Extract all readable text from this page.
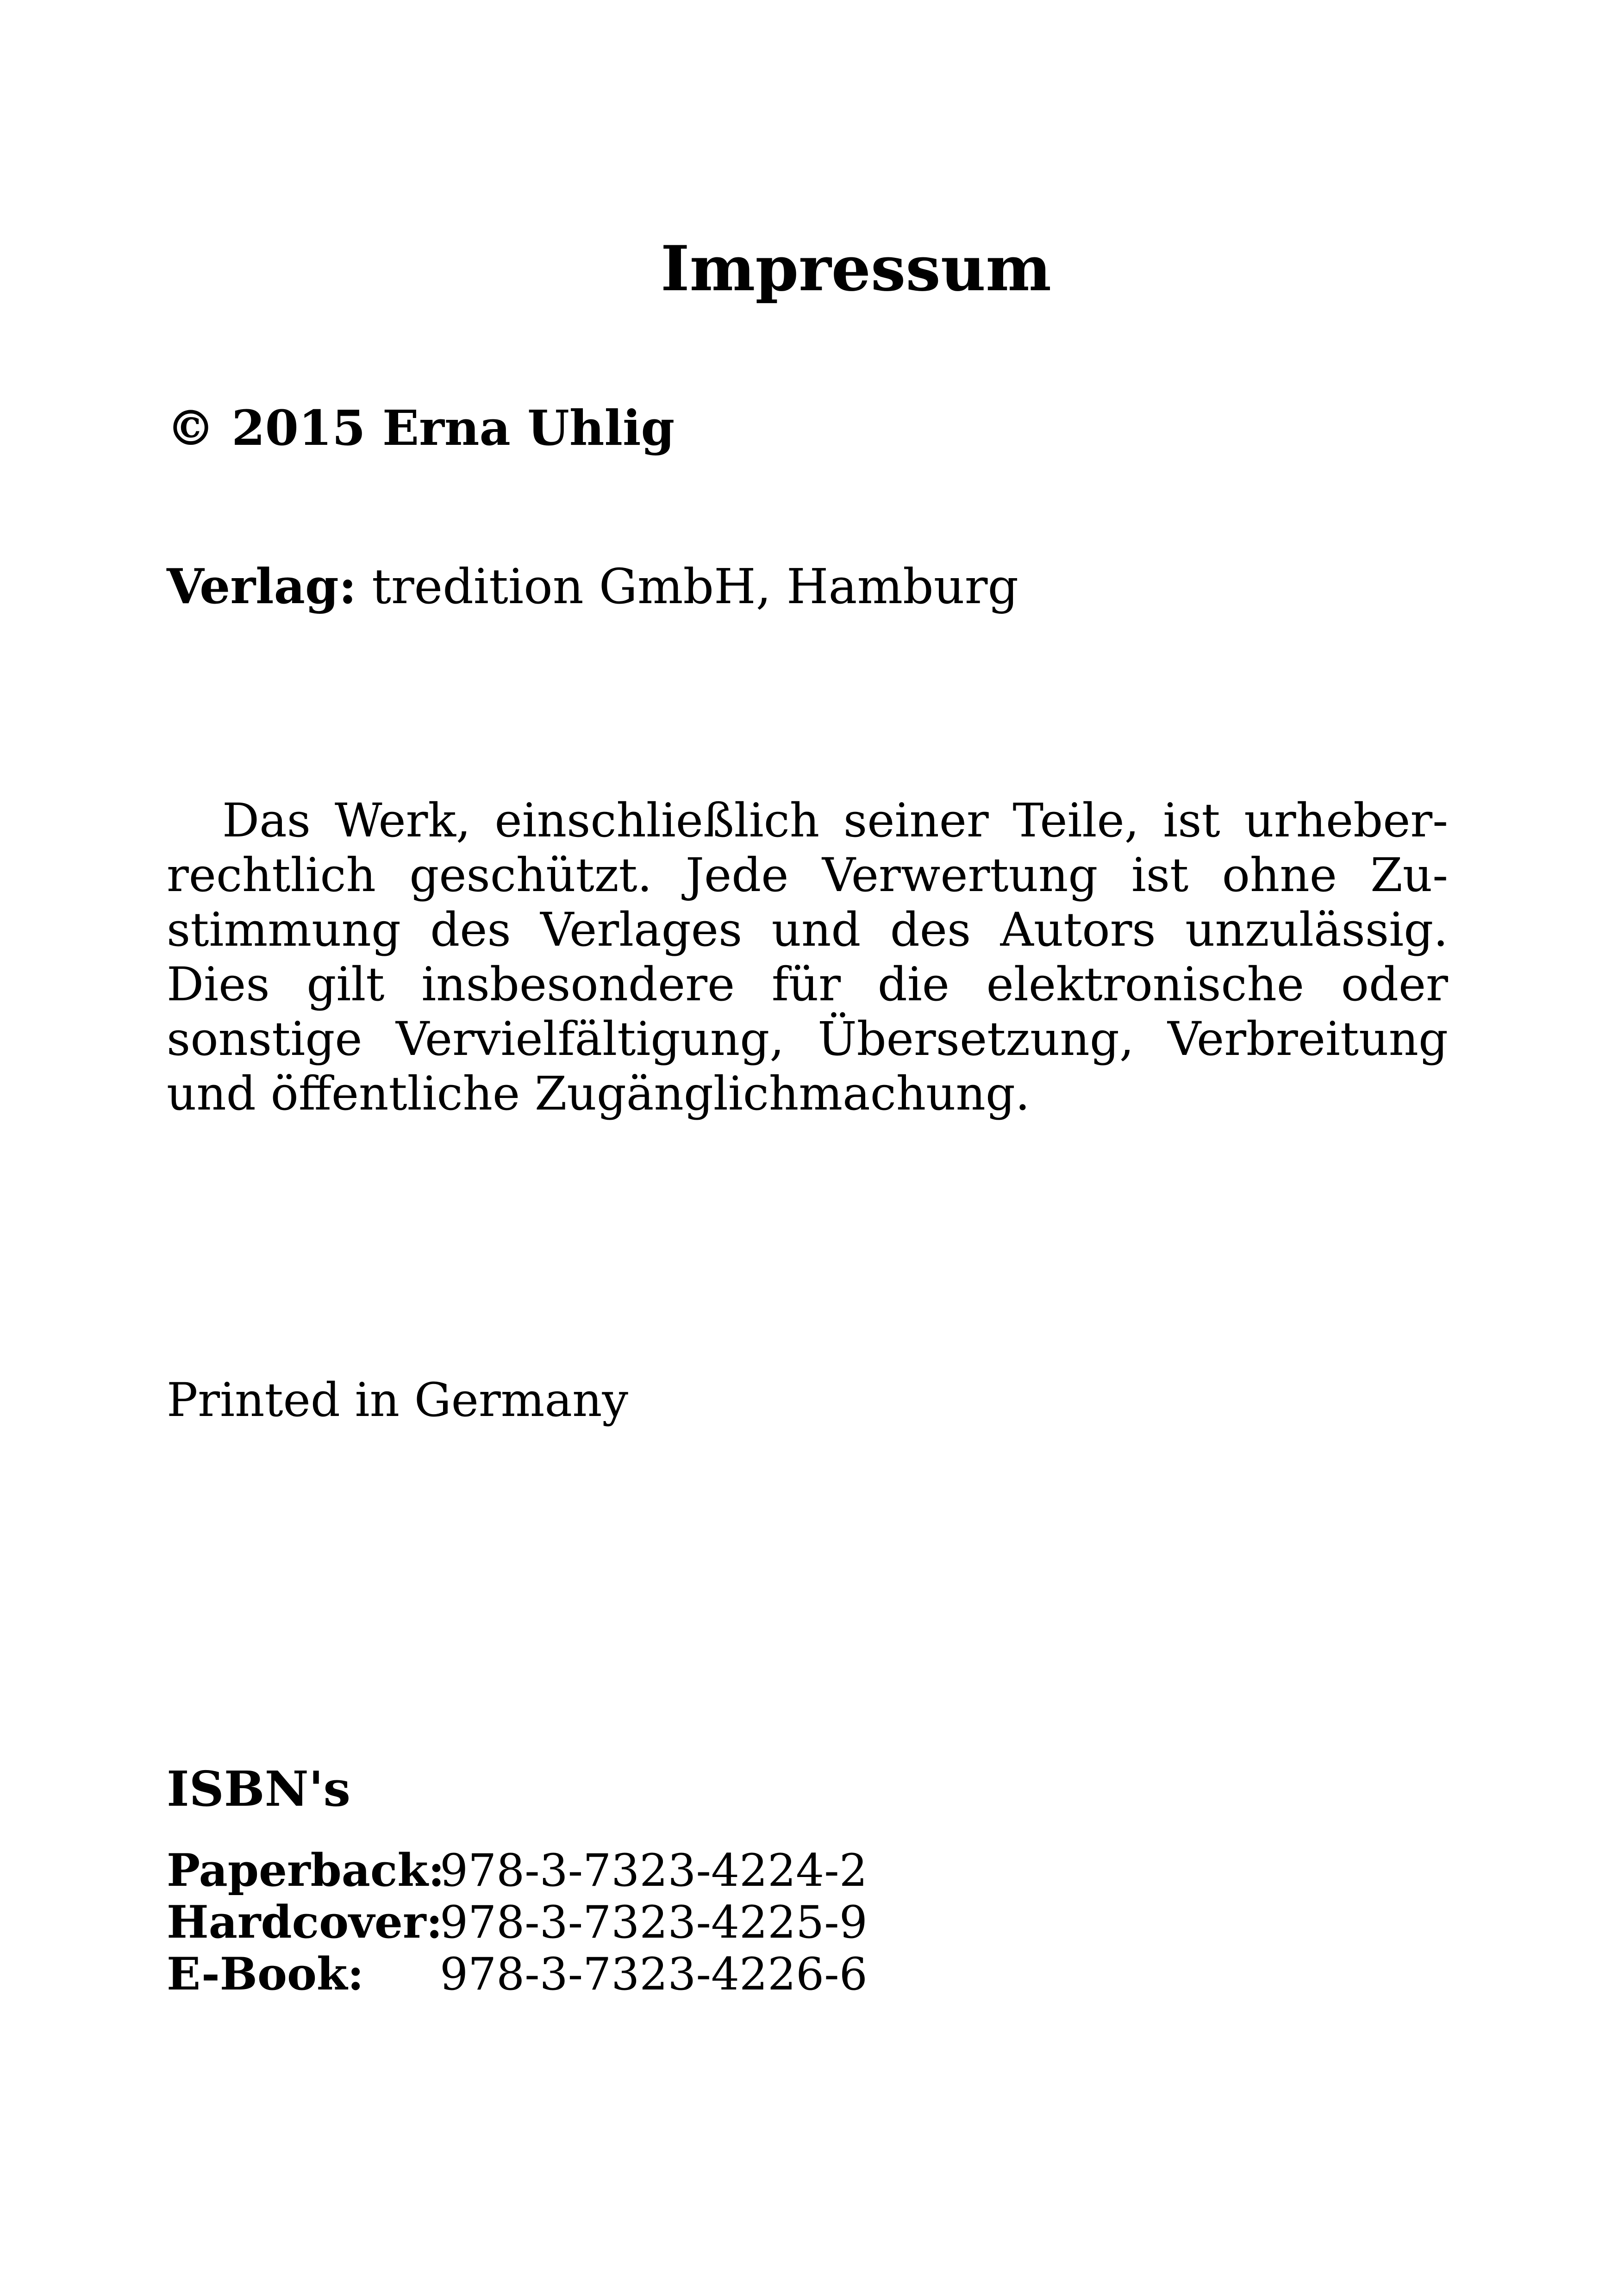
Impressum
© 2015 Erna Uhlig
Verlag: tredition GmbH, Hamburg
Das Werk, einschließlich seiner Teile, ist urheber-
rechtlich geschützt. Jede Verwertung ist ohne Zu-
stimmung des Verlages und des Autors unzulässig.
Dies gilt insbesondere für die elektronische oder
sonstige Vervielfältigung, Übersetzung, Verbreitung
und öffentliche Zugänglichmachung.
Printed in Germany
ISBN's
Paperback:
978-3-7323-4224-2
Hardcover:
978-3-7323-4225-9
E-Book:	978-3-7323-4226-6
